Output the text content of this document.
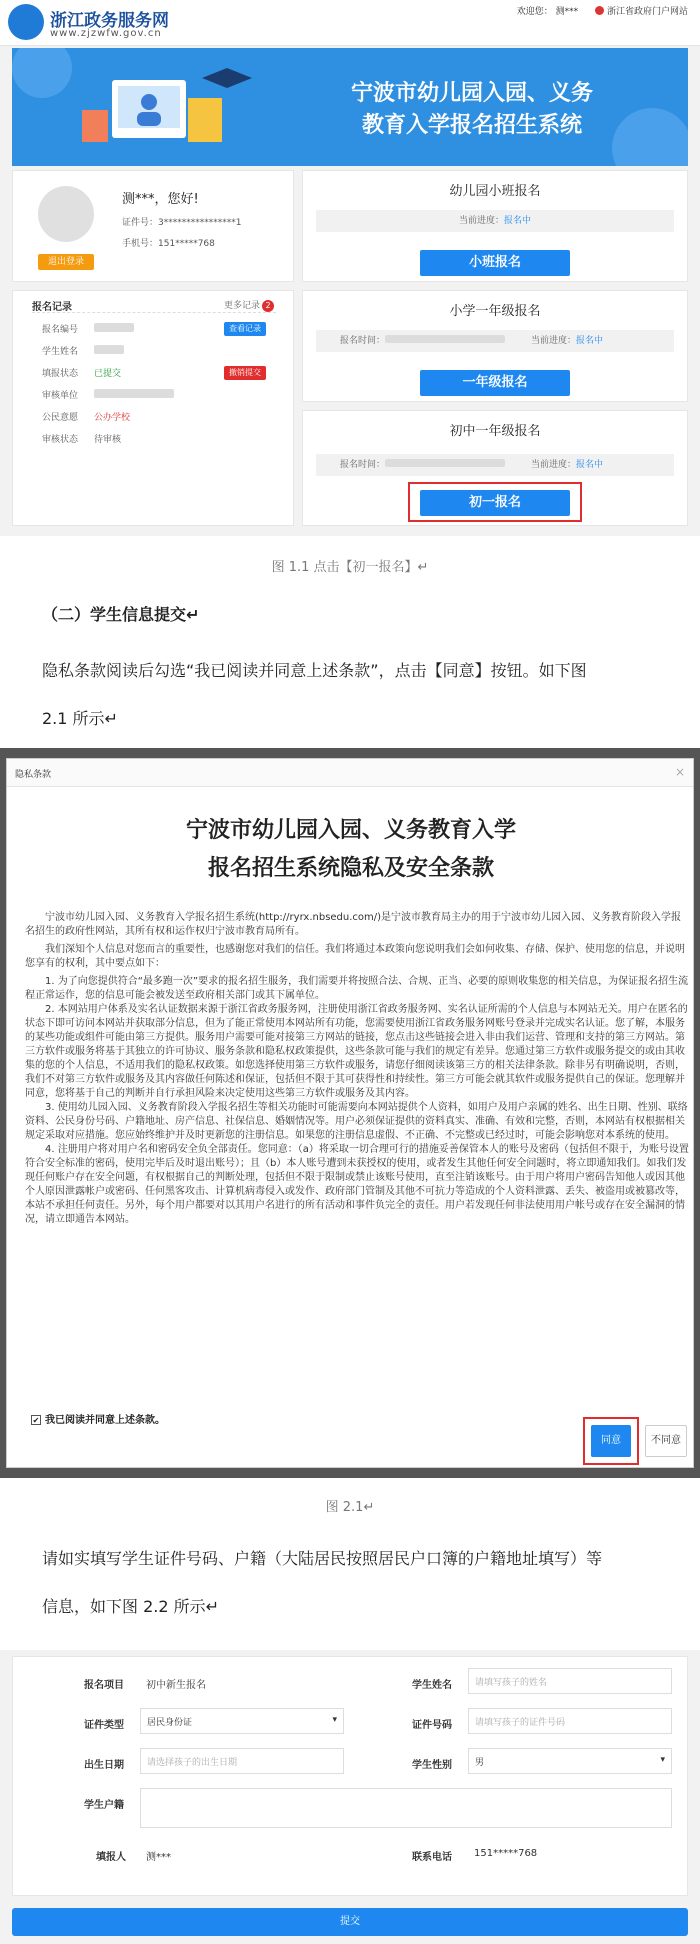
浙江政务服务网
www.zjzwfw.gov.cn
欢迎您： 测***	浙江省政府门户网站
宁波市幼儿园入园、义务
教育入学报名招生系统
退出登录
测***，您好!
证件号：3****************1
手机号：151*****768
报名记录	更多记录 2
报名编号
学生姓名
填报状态 已提交
审核单位
公民意愿 公办学校
审核状态 待审核
查看记录
撤销提交
幼儿园小班报名
当前进度：报名中
小班报名
小学一年级报名
报名时间：	当前进度：报名中
一年级报名
初中一年级报名
报名时间：	当前进度：报名中
初一报名
图 1.1 点击【初一报名】↵
（二）学生信息提交↵
隐私条款阅读后勾选“我已阅读并同意上述条款”，点击【同意】按钮。如下图
2.1 所示↵
隐私条款	×
宁波市幼儿园入园、义务教育入学
报名招生系统隐私及安全条款

宁波市幼儿园入园、义务教育入学报名招生系统(http://ryrx.nbsedu.com/)是宁波市教育局主办的用于宁波市幼儿园入园、义务教育阶段入学报名招生的政府性网站，其所有权和运作权归宁波市教育局所有。

我们深知个人信息对您而言的重要性，也感谢您对我们的信任。我们将通过本政策向您说明我们会如何收集、存储、保护、使用您的信息，并说明您享有的权利，其中要点如下：

1. 为了向您提供符合“最多跑一次”要求的报名招生服务，我们需要并将按照合法、合规、正当、必要的原则收集您的相关信息，为保证报名招生流程正常运作，您的信息可能会被发送至政府相关部门或其下属单位。

2. 本网站用户体系及实名认证数据来源于浙江省政务服务网，注册使用浙江省政务服务网、实名认证所需的个人信息与本网站无关。用户在匿名的状态下即可访问本网站并获取部分信息，但为了能正常使用本网站所有功能，您需要使用浙江省政务服务网账号登录并完成实名认证。您了解，本服务的某些功能或组件可能由第三方提供。服务用户需要可能对接第三方网站的链接，您点击这些链接会进入非由我们运营、管理和支持的第三方网站。第三方软件或服务将基于其独立的许可协议、服务条款和隐私权政策提供，这些条款可能与我们的规定有差异。您通过第三方软件或服务提交的或由其收集的您的个人信息，不适用我们的隐私权政策。如您选择使用第三方软件或服务，请您仔细阅读该第三方的相关法律条款。除非另有明确说明，否则，我们不对第三方软件或服务及其内容做任何陈述和保证，包括但不限于其可获得性和持续性。第三方可能会就其软件或服务提供自己的保证。您理解并同意，您将基于自己的判断并自行承担风险来决定使用这些第三方软件或服务及其内容。

3. 使用幼儿园入园、义务教育阶段入学报名招生等相关功能时可能需要向本网站提供个人资料，如用户及用户亲属的姓名、出生日期、性别、联络资料、公民身份号码、户籍地址、房产信息、社保信息、婚姻情况等。用户必须保证提供的资料真实、准确、有效和完整，否则，本网站有权根据相关规定采取对应措施。您应始终维护并及时更新您的注册信息。如果您的注册信息虚假、不正确、不完整或已经过时，可能会影响您对本系统的使用。

4. 注册用户将对用户名和密码安全负全部责任。您同意：（a）将采取一切合理可行的措施妥善保管本人的账号及密码（包括但不限于，为账号设置符合安全标准的密码，使用完毕后及时退出账号）；且（b）本人账号遭到未获授权的使用，或者发生其他任何安全问题时，将立即通知我们。如我们发现任何账户存在安全问题，有权根据自己的判断处理，包括但不限于限制或禁止该账号使用，直至注销该账号。由于用户将用户密码告知他人或因其他个人原因泄露帐户或密码、任何黑客攻击、计算机病毒侵入或发作、政府部门管制及其他不可抗力等造成的个人资料泄露、丢失、被盗用或被篡改等，本站不承担任何责任。另外，每个用户都要对以其用户名进行的所有活动和事件负完全的责任。用户若发现任何非法使用用户帐号或存在安全漏洞的情况，请立即通告本网站。

✔ 我已阅读并同意上述条款。
同意	不同意
图 2.1↵
请如实填写学生证件号码、户籍（大陆居民按照居民户口簿的户籍地址填写）等
信息，如下图 2.2 所示↵
报名项目 初中新生报名	学生姓名	请填写孩子的姓名
证件类型	居民身份证	▾	证件号码	请填写孩子的证件号码
出生日期	请选择孩子的出生日期	学生性别	男	▾
学生户籍
填报人 测***	联系电话 151*****768
提交
